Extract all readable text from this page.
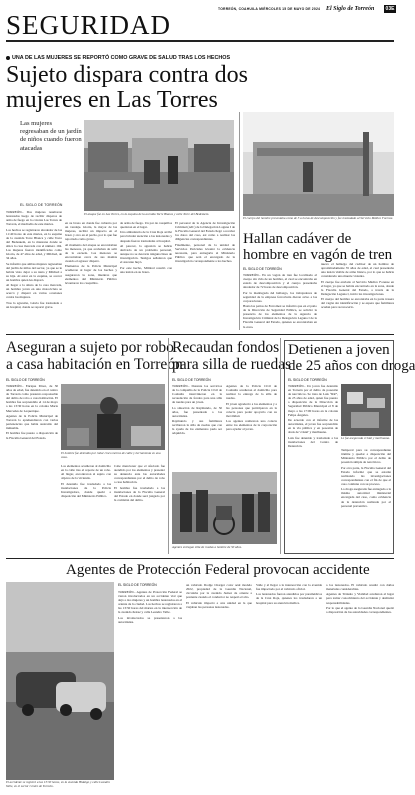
SEGURIDAD
TORREÓN, COAHUILA MIÉRCOLES 15 DE MAYO DE 2024 El Siglo de Torreón	03E
UNA DE LAS MUJERES SE REPORTÓ COMO GRAVE DE SALUD TRAS LOS HECHOS
Sujeto dispara contra dos
mujeres en Las Torres
Las mujeres regresaban de un jardín de niños cuando fueron atacadas
EL SIGLO DE TORREÓN
El ataque fue en Las Torres, en la esquina de la avenida Torre Blanca y calle Torre del Bedeskein.

TORREÓN.- Dos mujeres resultaron lesionadas luego de recibir disparos de arma de fuego en la colonia Las Torres de Torreón, el mediodía de este martes.

Los hechos se registraron alrededor de las 11:40 horas de este martes, en la esquina de la avenida Torre Blanca y calle Torre del Bedeskein, en la manzana donde se ubica la casa marcada con el número 104. Las mujeres fueron identificadas como Gloria, de 47 años de edad, y Mildred, de 34 años.

Se informó que ambas mujeres regresaban del jardín de niños del sector, ya que se le habría visto dejar a su nieta y Mildred a su hija. Al estar en la esquina, se acercó un hombre quien les disparó.

Al llegar a la altura de la casa marcada, un hombre joven en una motocicleta se acercó y disparó en varias ocasiones contra las mujeres.

Tras la agresión, Gloria fue trasladada a un hospital, donde se reportó grave.

en su brazo en donde fue cubierta por un vendaje. Gloria, la mayor de las mujeres, recibió un impacto en el brazo y otro en el pecho, por lo que fue reportada como grave.

Al momento del ataque se encontraban las menores, ya que acababan de salir de la escuela. Las menores se encontraban cerca de sus mamás cuando el agresor disparó.

Elementos de la Policía Municipal acudieron al lugar de los hechos y aseguraron la zona, mientras que elementos del Ministerio Público levantaron los casquillos.

de arma de fuego. Un par de casquillos quedaron en el lugar.

Una ambulancia de la Cruz Roja arribó para brindar atención a las lesionadas y después fueron trasladadas al hospital.

Al parecer, la agresión se habría derivado de un problema personal, aunque no se descarta ninguna línea de investigación. Testigos señalaron que el atacante huyó.

Por este hecho, Mildred resultó con una lesión en su brazo.

El personal de la Agencia de Investigación Criminal (AIC) de la Delegación Laguna I de la Fiscalía General del Estado llegó a recabar los datos del caso, así como a realizar las diligencias correspondientes.

Finalmente, personal de la unidad de Servicios Periciales levantó la evidencia necesaria, para entregarla al Ministerio Público que será el encargado de la investigación correspondiente a los hechos.

El cuerpo del hombre presentaba como de 3 a horas de descomposición y fue trasladado al Servicio Médico Forense.
Hallan cadáver de
hombre en vagón de tren
EL SIGLO DE TORREÓN

TORREÓN.- En un vagón de tren fue localizado el cuerpo sin vida de un hombre, el cual se encontraba en estado de descomposición y el cuerpo presentaba alrededor de 72 horas de descomposición.

Por la madrugada del hallazgo, los trabajadores de seguridad de la empresa ferroviaria dieron aviso a las corporaciones.

Hasta las patios de Ferromex se informó que en el patio de la Dirección de Seguridad Pública, se solicitó la presencia de los elementos de la Agencia de Investigación Criminal de la Delegación Laguna I de la Fiscalía General del Estado, quienes se encontraban en la zona.

nuevo el hallazgo del cadáver de un hombre de aproximadamente 35 años de edad, el cual presentaba una lesión visible de arma blanca, por lo que se habría considerado una muerte violenta.

El cuerpo fue enviado al Servicio Médico Forense en el lugar, ya que se habría encontrado en la zona, donde la Fiscalía General del Estado, a través de la Delegación Laguna I, inició las investigaciones.

El cuerpo del hombre se encontraba en la parte trasera del vagón sin identificación y se espera que familiares acudan para reconocerlo.

Aseguran a sujeto por robo
a casa habitación en Torreón
EL SIGLO DE TORREÓN

TORREÓN.- Enrique Pérez, de 30 años de edad, fue detenido en el centro de Torreón como presunto responsable del delito de robo a casa habitación. El hombre fue sorprendido el 14 de mayo a las 13:30 horas en la colonia María Mercedes de Lequerique.

Agentes de la Policía Municipal de Torreón lo aprehendieron con varias pertenencias que había sustraído del inmueble.

El hombre fue puesto a disposición de la Fiscalía General del Estado.

El hombre fue detenido por robar cinco metros de cable y herramienta en una casa.

Los elementos acudieron al domicilio en la calle tras el reporte de un robo. Al llegar, encontraron al sujeto con objetos de la vivienda.

El detenido fue trasladado a las instalaciones de la Policía Investigadora, donde quedó a disposición del Ministerio Público.

Cabe mencionar que el afectado fue atendido por los elementos y presentó su denuncia ante las autoridades correspondientes por el delito de robo a casa habitación.

El hombre fue trasladado a las instalaciones de la Fiscalía General del Estado en donde será juzgado por la comisión del delito.

Recaudan fondos
para silla de ruedas
EL SIGLO DE TORREÓN

TORREÓN.- Durante los servicios de la compañía de la Policía Civil de Coahuila intervinieron en la recaudación de fondos para una silla de ruedas para un joven.

La situación de Raymundo, de 50 años, fue presentada a las autoridades.

Raymundo y sus familiares recibieron la silla de ruedas que con la ayuda de los elementos pudo ser adquirida.

Agentes de la Policía Civil de Coahuila acudieron al domicilio para realizar la entrega de la silla de ruedas.

El joven agradeció a los elementos y a las personas que participaron en la colecta para poder apoyarlo con su movilidad.

Los agentes realizaron una colecta entre los elementos de la corporación para ayudar al joven.

Agentes entregan silla de ruedas a hombre de 50 años.
Detienen a joven
de 25 años con droga
EL SIGLO DE TORREÓN

TORREÓN.- Un joven fue detenido en Torreón por el delito de posesión de narcóticos. Se trata de Luis “RR”, de 25 años de edad, quien fue puesto a disposición de la Dirección de Seguridad Pública Municipal el 8 de mayo a las 17:00 horas en la colonia Felipe Ángeles.

De acuerdo con el informe de las autoridades, el joven fue sorprendido en la vía pública y en posesión de dosis de 'cristal' y marihuana.

Luis fue detenido y trasladado a las instalaciones del Centro de Detención.

Le fue asegurada cristal y marihuana.

Temporal para su correspondiente trámite y quedar a disposición del Ministerio Público por el delito de posesión simple de narcóticos.

Por otra parte, la Fiscalía General del Estado informó que se estarán realizando las investigaciones correspondientes con el fin de que el caso continúe con su proceso.

La droga asegurada fue entregada a la misma autoridad ministerial encargada del caso, como evidencia de la detención realizada por el personal preventivo.

Agentes de Protección Federal provocan accidente
El accidente se registró a las 13:30 horas, en la avenida Hidalgo y calle Leandro Valle, en el sector Centro de Torreón.
EL SIGLO DE TORREÓN

TORREÓN.- Agentes de Protección Federal se vieron involucrados en un accidente vial que dejó a dos mujeres y un hombre lesionados en el oriente de la ciudad. Los hechos se registraron a las 13:30 horas del martes en la intersección de la avenida Juárez y calle Leandro Valle.

Los involucrados se presentaron a las autoridades.

un vehículo Dodge Charger color azul modelo 2022, propiedad de la Guardia Nacional, circulaba por la avenida Juárez de oriente a poniente cuando el conductor no respetó el alto.

El vehículo impactó a otra unidad en la que viajaban las personas lesionadas.

Valle y al llegar a la intersección con la avenida fue impactado por el vehículo oficial.

Los lesionados fueron atendidos por paramédicos de la Cruz Roja, quienes los trasladaron a un hospital para su atención médica.

a los lesionados. El vehículo resultó con daños materiales considerables.

Agentes de Tránsito y Vialidad acudieron al lugar para tomar conocimiento del accidente y deslindar responsabilidades.

Por lo que el agente de la Guardia Nacional quedó a disposición de las autoridades correspondientes.
